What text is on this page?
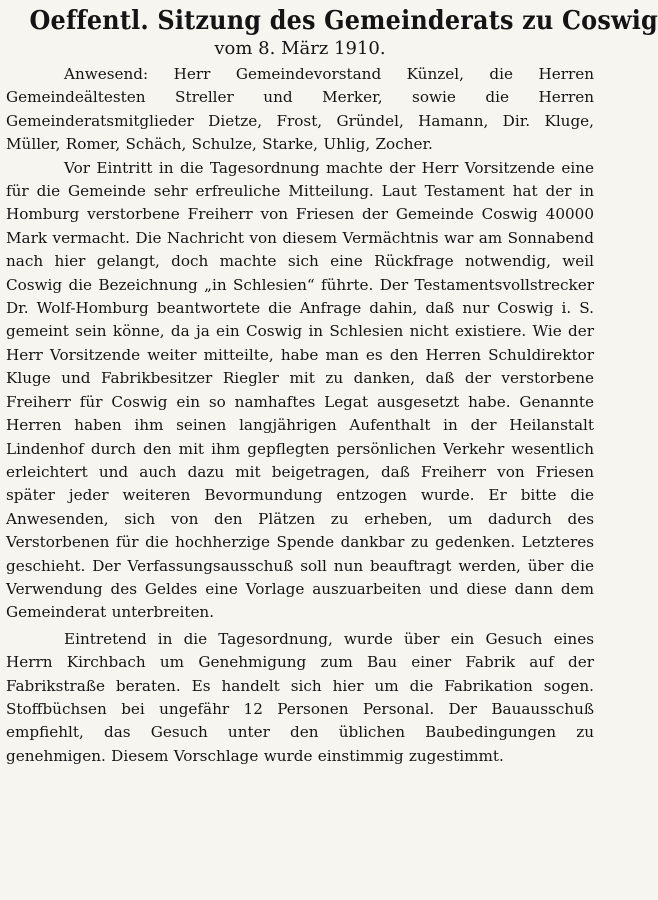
Oeffentl. Sitzung des Gemeinderats zu Coswig
vom 8. März 1910.

Anwesend: Herr Gemeindevorstand Künzel, die Herren Gemeindeältesten Streller und Merker, sowie die Herren Gemeinderatsmitglieder Dietze, Frost, Gründel, Hamann, Dir. Kluge, Müller, Romer, Schäch, Schulze, Starke, Uhlig, Zocher.

Vor Eintritt in die Tagesordnung machte der Herr Vorsitzende eine für die Gemeinde sehr erfreuliche Mitteilung. Laut Testament hat der in Homburg verstorbene Freiherr von Friesen der Gemeinde Coswig 40000 Mark vermacht. Die Nachricht von diesem Vermächtnis war am Sonnabend nach hier gelangt, doch machte sich eine Rückfrage notwendig, weil Coswig die Bezeichnung „in Schlesien“ führte. Der Testamentsvollstrecker Dr. Wolf-Homburg beantwortete die Anfrage dahin, daß nur Coswig i. S. gemeint sein könne, da ja ein Coswig in Schlesien nicht existiere. Wie der Herr Vorsitzende weiter mitteilte, habe man es den Herren Schuldirektor Kluge und Fabrikbesitzer Riegler mit zu danken, daß der verstorbene Freiherr für Coswig ein so namhaftes Legat ausgesetzt habe. Genannte Herren haben ihm seinen langjährigen Aufenthalt in der Heilanstalt Lindenhof durch den mit ihm gepflegten persönlichen Verkehr wesentlich erleichtert und auch dazu mit beigetragen, daß Freiherr von Friesen später jeder weiteren Bevormundung entzogen wurde. Er bitte die Anwesenden, sich von den Plätzen zu erheben, um dadurch des Verstorbenen für die hochherzige Spende dankbar zu gedenken. Letzteres geschieht. Der Verfassungsausschuß soll nun beauftragt werden, über die Verwendung des Geldes eine Vorlage auszuarbeiten und diese dann dem Gemeinderat unterbreiten.

Eintretend in die Tagesordnung, wurde über ein Gesuch eines Herrn Kirchbach um Genehmigung zum Bau einer Fabrik auf der Fabrikstraße beraten. Es handelt sich hier um die Fabrikation sogen. Stoffbüchsen bei ungefähr 12 Personen Personal. Der Bauausschuß empfiehlt, das Gesuch unter den üblichen Baubedingungen zu genehmigen. Diesem Vorschlage wurde einstimmig zugestimmt.
